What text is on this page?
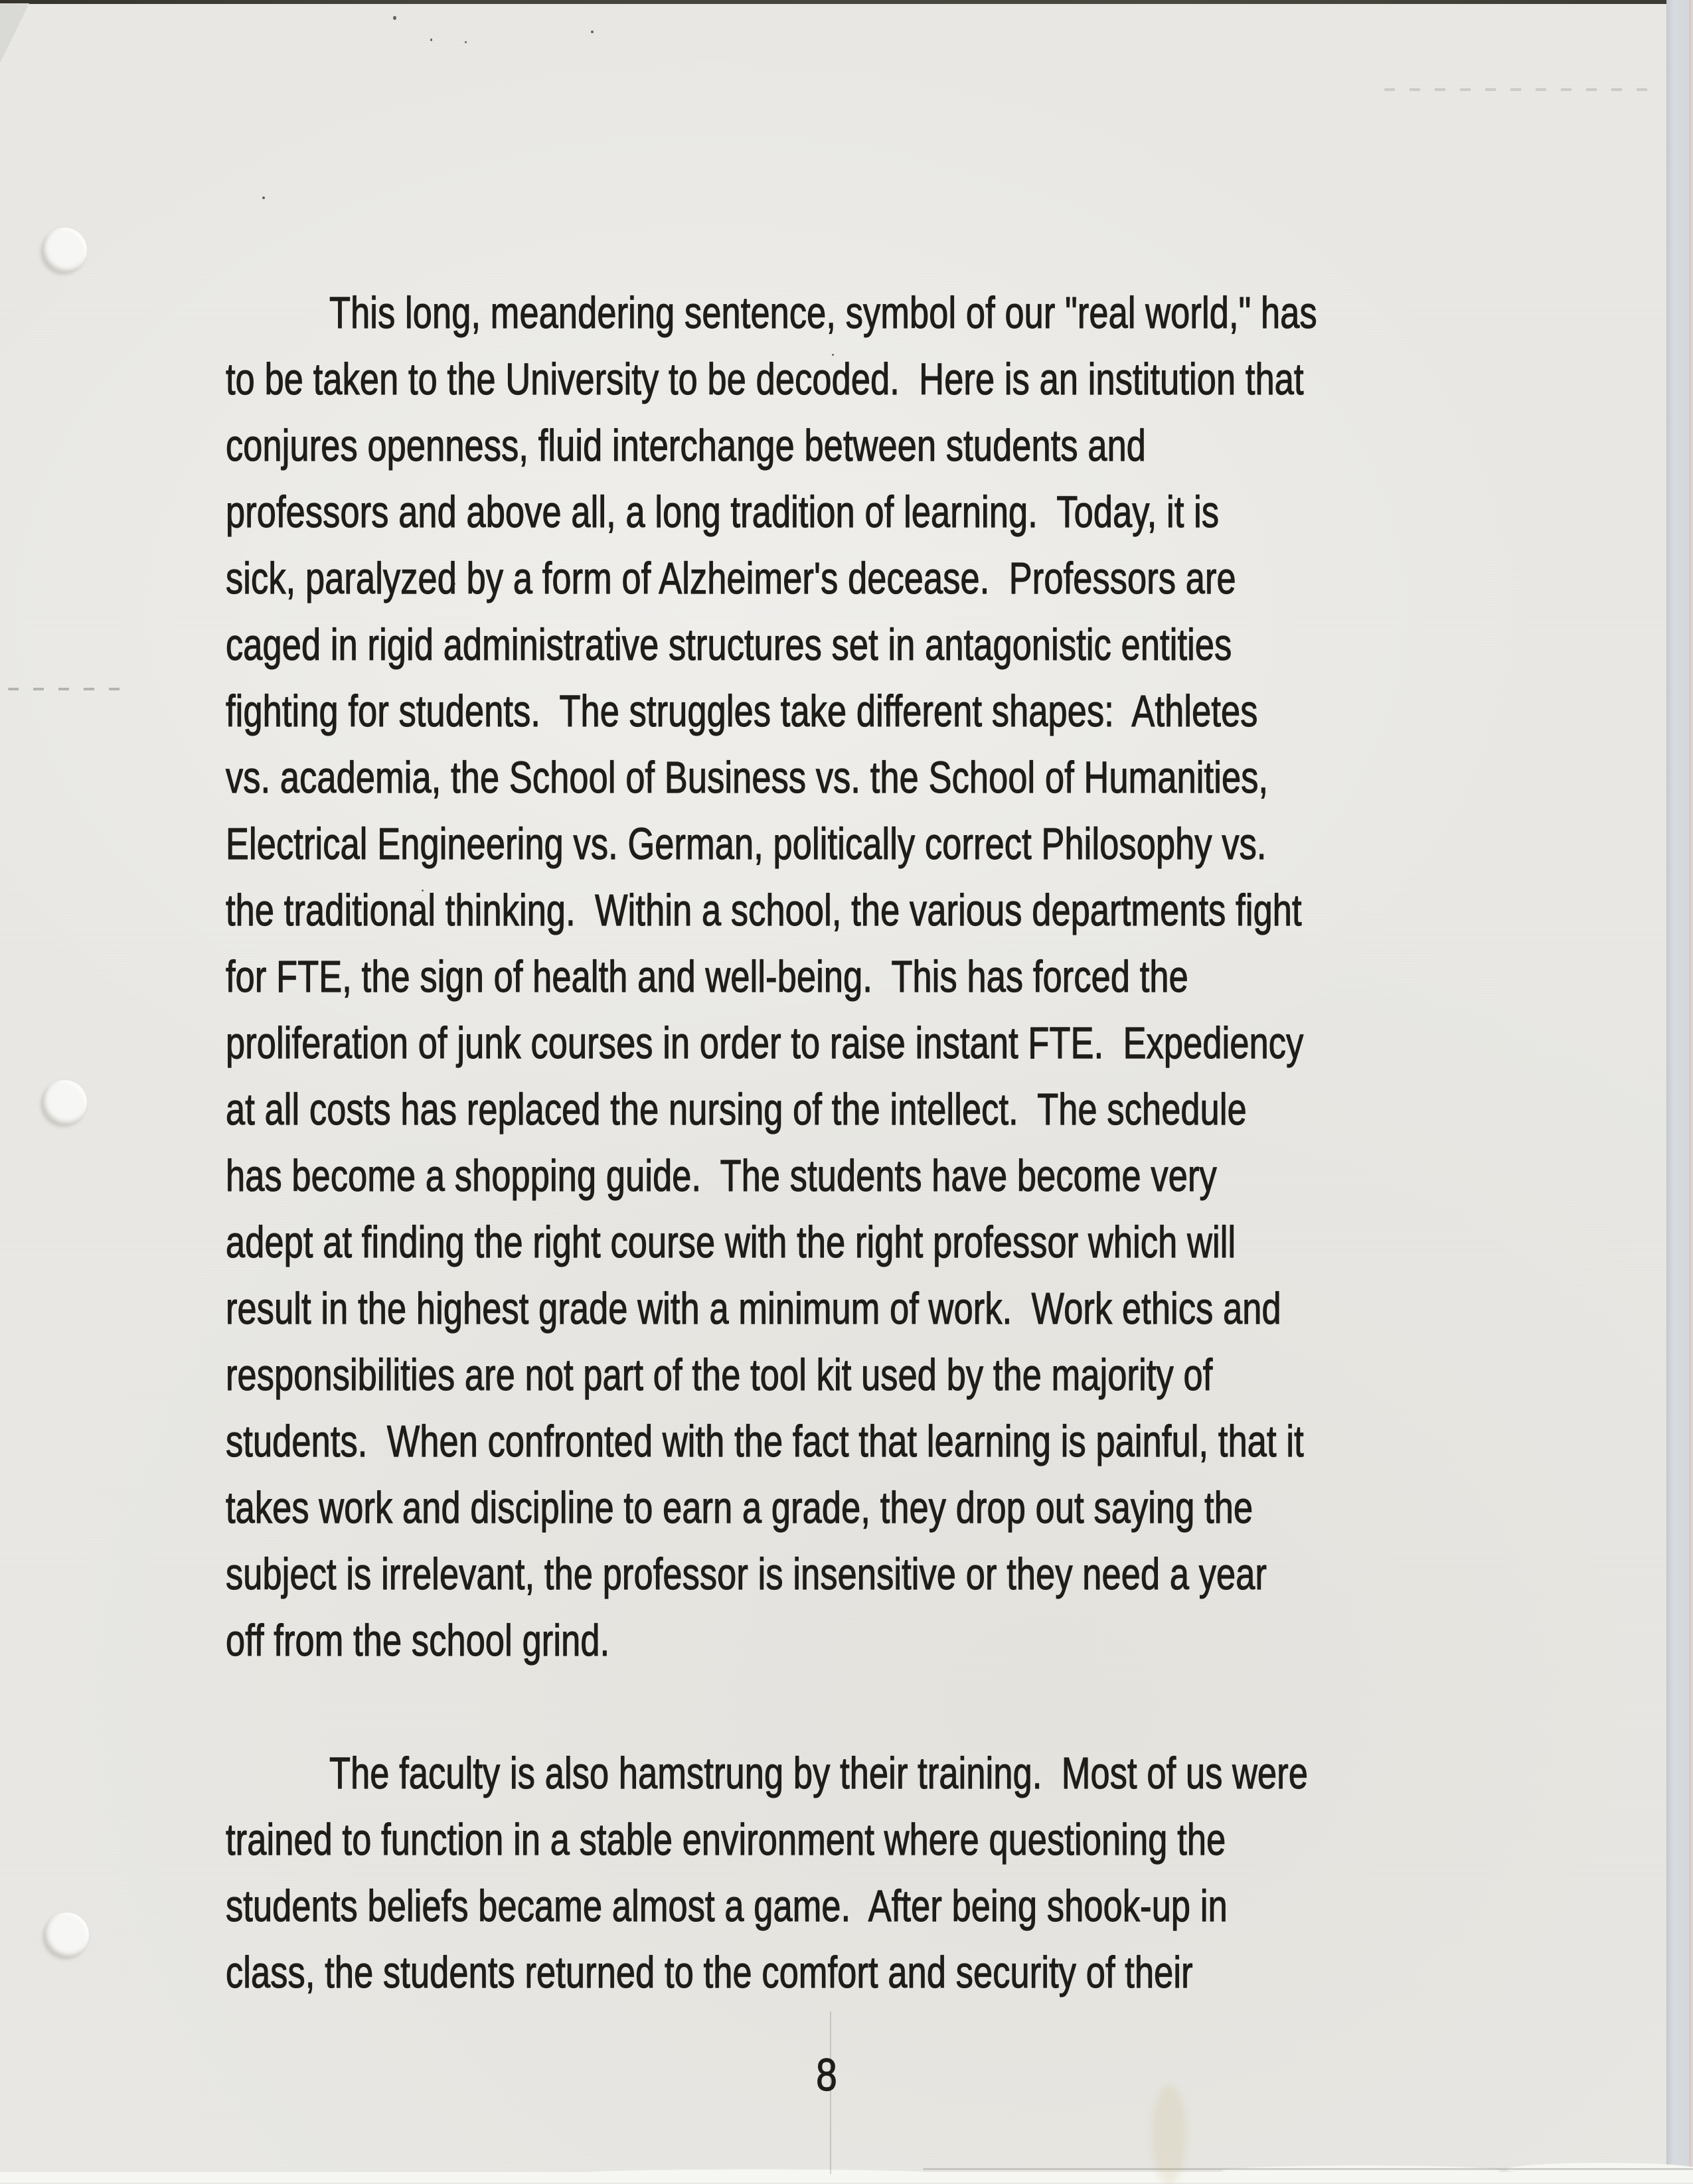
This long, meandering sentence, symbol of our "real world," has
to be taken to the University to be decoded.  Here is an institution that
conjures openness, fluid interchange between students and
professors and above all, a long tradition of learning.  Today, it is
sick, paralyzed by a form of Alzheimer's decease.  Professors are
caged in rigid administrative structures set in antagonistic entities
fighting for students.  The struggles take different shapes:  Athletes
vs. academia, the School of Business vs. the School of Humanities,
Electrical Engineering vs. German, politically correct Philosophy vs.
the traditional thinking.  Within a school, the various departments fight
for FTE, the sign of health and well-being.  This has forced the
proliferation of junk courses in order to raise instant FTE.  Expediency
at all costs has replaced the nursing of the intellect.  The schedule
has become a shopping guide.  The students have become very
adept at finding the right course with the right professor which will
result in the highest grade with a minimum of work.  Work ethics and
responsibilities are not part of the tool kit used by the majority of
students.  When confronted with the fact that learning is painful, that it
takes work and discipline to earn a grade, they drop out saying the
subject is irrelevant, the professor is insensitive or they need a year
off from the school grind.
The faculty is also hamstrung by their training.  Most of us were
trained to function in a stable environment where questioning the
students beliefs became almost a game.  After being shook-up in
class, the students returned to the comfort and security of their
8
